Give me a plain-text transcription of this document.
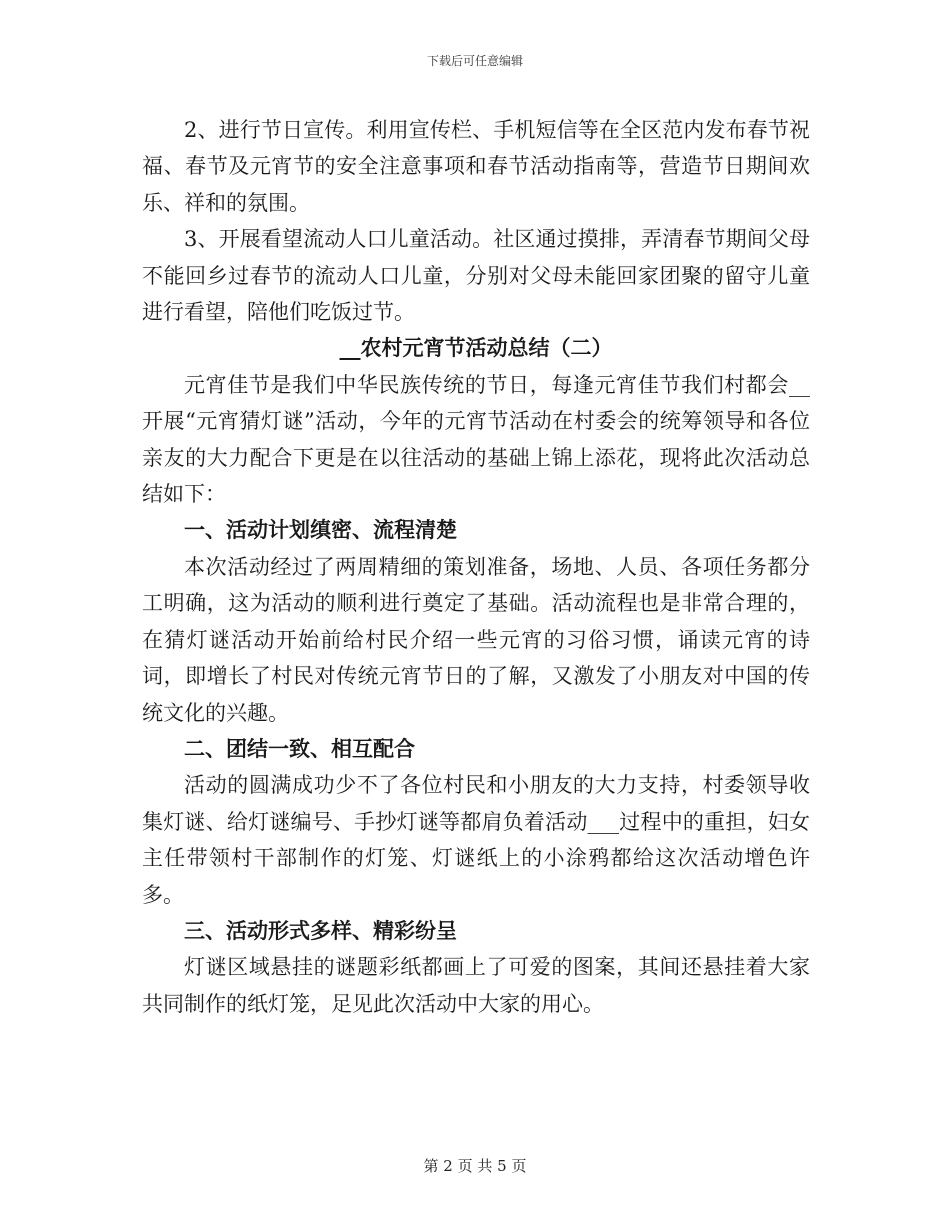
下载后可任意编辑

2、进行节日宣传。利用宣传栏、手机短信等在全区范内发布春节祝福、春节及元宵节的安全注意事项和春节活动指南等，营造节日期间欢乐、祥和的氛围。

3、开展看望流动人口儿童活动。社区通过摸排，弄清春节期间父母不能回乡过春节的流动人口儿童，分别对父母未能回家团聚的留守儿童进行看望，陪他们吃饭过节。

__农村元宵节活动总结（二）

元宵佳节是我们中华民族传统的节日，每逢元宵佳节我们村都会__开展“元宵猜灯谜”活动，今年的元宵节活动在村委会的统筹领导和各位亲友的大力配合下更是在以往活动的基础上锦上添花，现将此次活动总结如下：

一、活动计划缜密、流程清楚

本次活动经过了两周精细的策划准备，场地、人员、各项任务都分工明确，这为活动的顺利进行奠定了基础。活动流程也是非常合理的，在猜灯谜活动开始前给村民介绍一些元宵的习俗习惯，诵读元宵的诗词，即增长了村民对传统元宵节日的了解，又激发了小朋友对中国的传统文化的兴趣。

二、团结一致、相互配合

活动的圆满成功少不了各位村民和小朋友的大力支持，村委领导收集灯谜、给灯谜编号、手抄灯谜等都肩负着活动___过程中的重担，妇女主任带领村干部制作的灯笼、灯谜纸上的小涂鸦都给这次活动增色许多。

三、活动形式多样、精彩纷呈

灯谜区域悬挂的谜题彩纸都画上了可爱的图案，其间还悬挂着大家共同制作的纸灯笼，足见此次活动中大家的用心。

第 2 页 共 5 页
